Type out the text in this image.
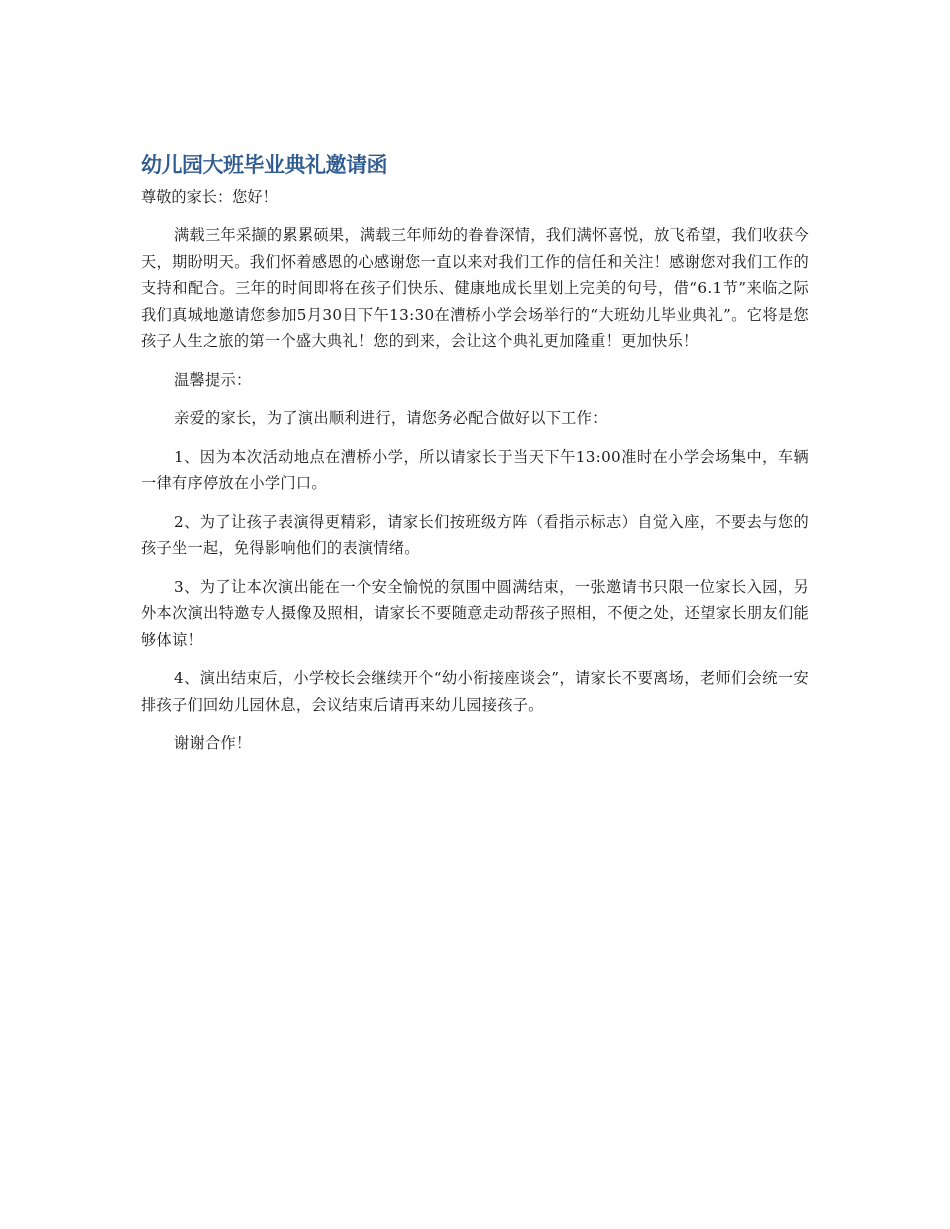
幼儿园大班毕业典礼邀请函

尊敬的家长：您好！

满载三年采撷的累累硕果，满载三年师幼的眷眷深情，我们满怀喜悦，放飞希望，我们收获今天，期盼明天。我们怀着感恩的心感谢您一直以来对我们工作的信任和关注！感谢您对我们工作的支持和配合。三年的时间即将在孩子们快乐、健康地成长里划上完美的句号，借“6.1节”来临之际我们真城地邀请您参加5月30日下午13:30在漕桥小学会场举行的“大班幼儿毕业典礼”。它将是您孩子人生之旅的第一个盛大典礼！您的到来，会让这个典礼更加隆重！更加快乐！

温馨提示：

亲爱的家长，为了演出顺利进行，请您务必配合做好以下工作：

1、因为本次活动地点在漕桥小学，所以请家长于当天下午13:00准时在小学会场集中，车辆一律有序停放在小学门口。

2、为了让孩子表演得更精彩，请家长们按班级方阵（看指示标志）自觉入座，不要去与您的孩子坐一起，免得影响他们的表演情绪。

3、为了让本次演出能在一个安全愉悦的氛围中圆满结束，一张邀请书只限一位家长入园，另外本次演出特邀专人摄像及照相，请家长不要随意走动帮孩子照相，不便之处，还望家长朋友们能够体谅！

4、演出结束后，小学校长会继续开个“幼小衔接座谈会”，请家长不要离场，老师们会统一安排孩子们回幼儿园休息，会议结束后请再来幼儿园接孩子。

谢谢合作！
